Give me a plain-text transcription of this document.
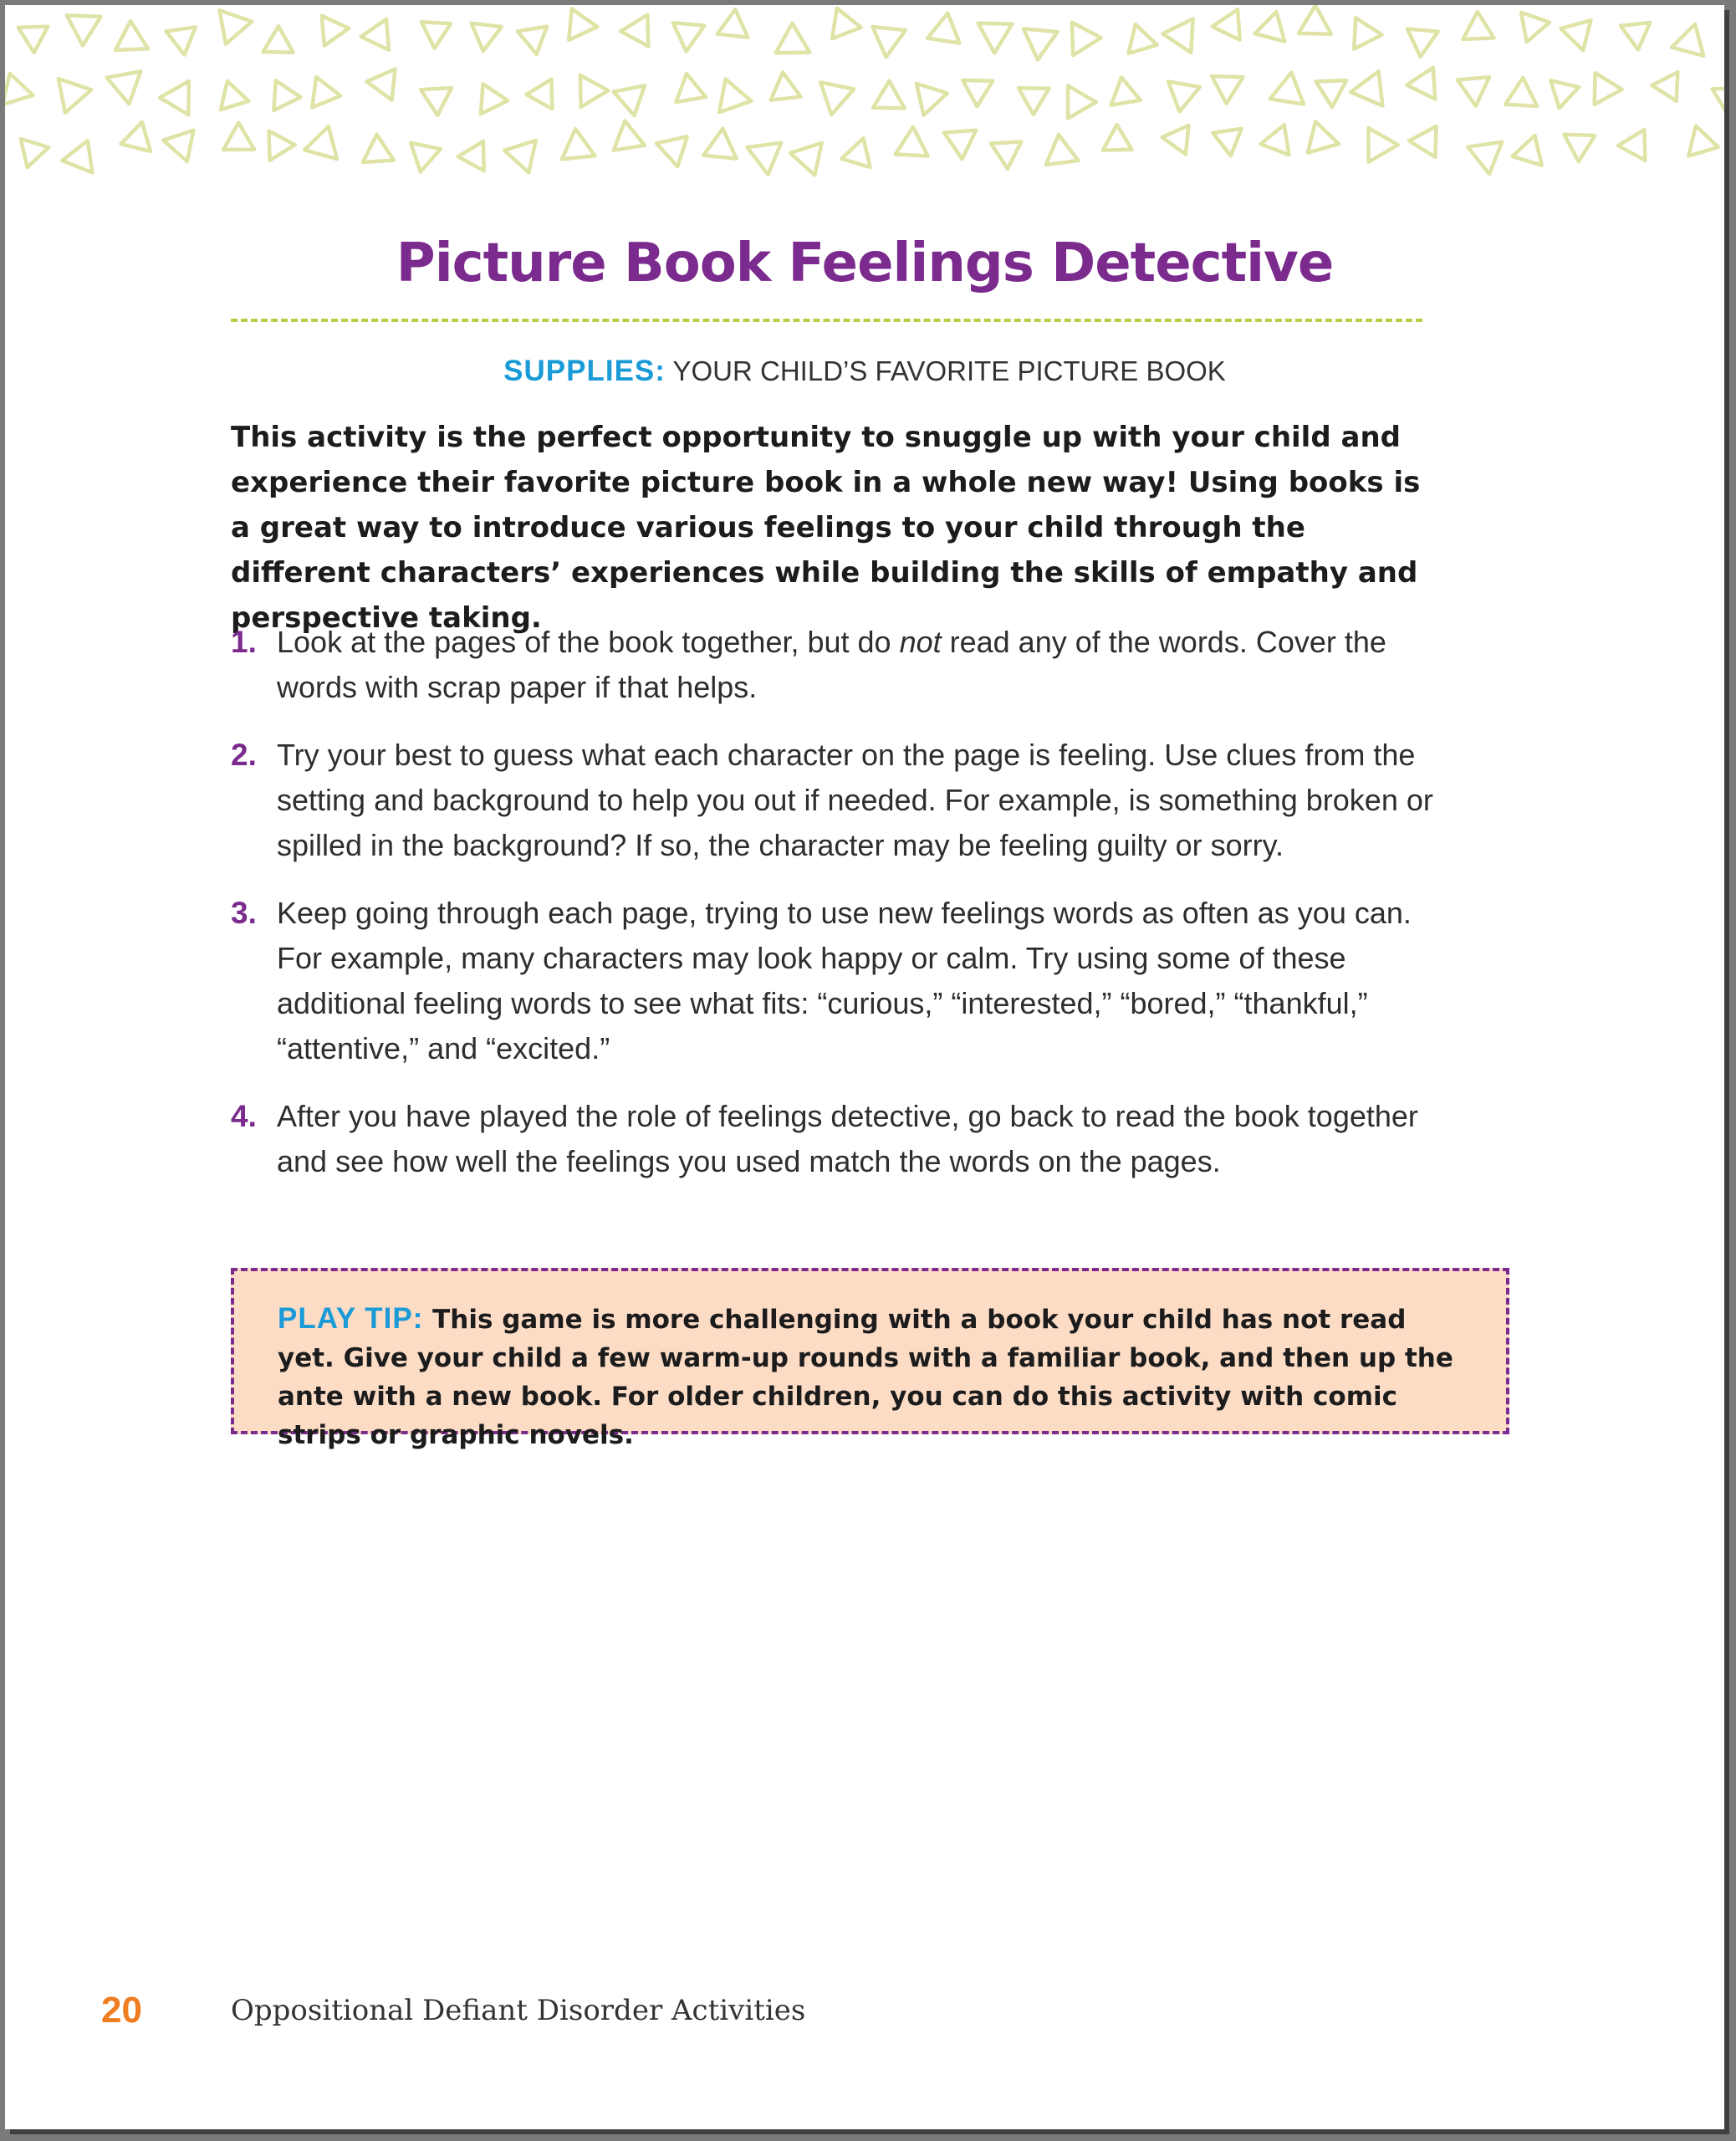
Picture Book Feelings Detective
SUPPLIES: YOUR CHILD’S FAVORITE PICTURE BOOK

This activity is the perfect opportunity to snuggle up with your child and experience their favorite picture book in a whole new way! Using books is a great way to introduce various feelings to your child through the different characters’ experiences while building the skills of empathy and perspective taking.

1. Look at the pages of the book together, but do not read any of the words. Cover the words with scrap paper if that helps.
2. Try your best to guess what each character on the page is feeling. Use clues from the setting and background to help you out if needed. For example, is something broken or spilled in the background? If so, the character may be feeling guilty or sorry.
3. Keep going through each page, trying to use new feelings words as often as you can. For example, many characters may look happy or calm. Try using some of these additional feeling words to see what fits: “curious,” “interested,” “bored,” “thankful,” “attentive,” and “excited.”
4. After you have played the role of feelings detective, go back to read the book together and see how well the feelings you used match the words on the pages.
PLAY TIP: This game is more challenging with a book your child has not read yet. Give your child a few warm-up rounds with a familiar book, and then up the ante with a new book. For older children, you can do this activity with comic strips or graphic novels.
20	Oppositional Defiant Disorder Activities
